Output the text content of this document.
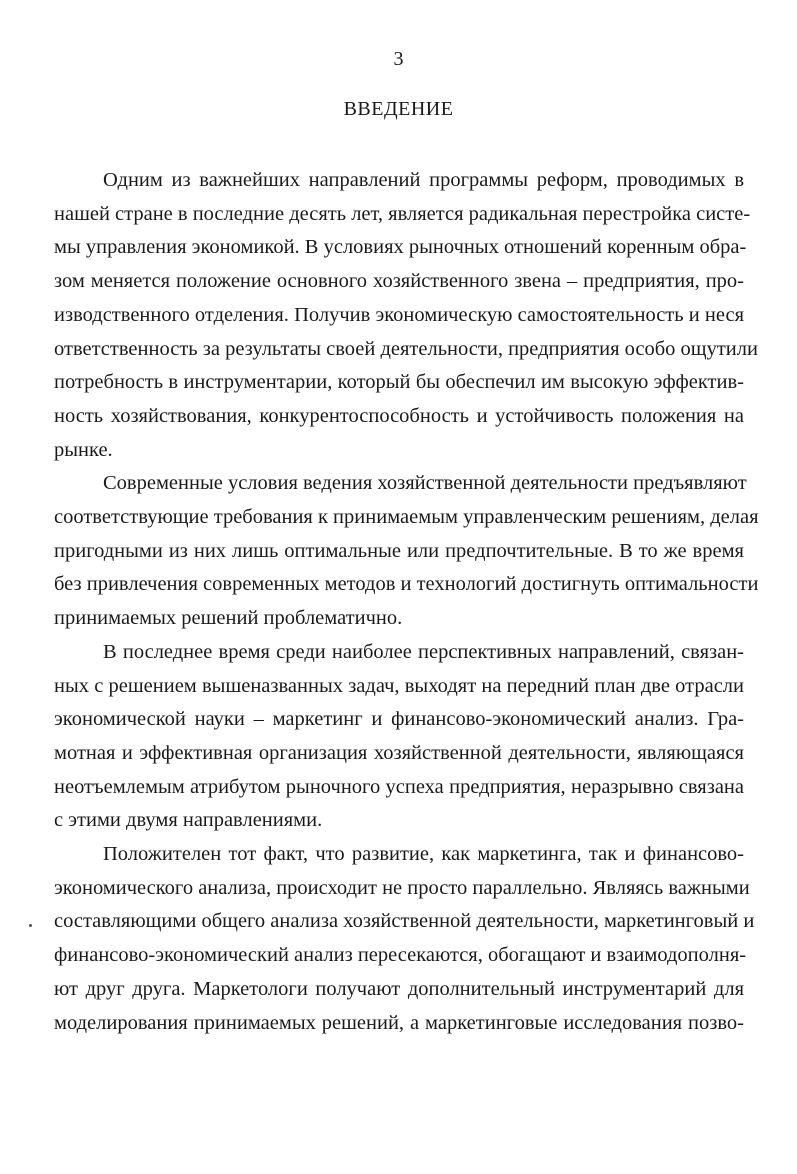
3
ВВЕДЕНИЕ

Одним из важнейших направлений программы реформ, проводимых в
нашей стране в последние десять лет, является радикальная перестройка систе-
мы управления экономикой. В условиях рыночных отношений коренным обра-
зом меняется положение основного хозяйственного звена – предприятия, про-
изводственного отделения. Получив экономическую самостоятельность и неся
ответственность за результаты своей деятельности, предприятия особо ощутили
потребность в инструментарии, который бы обеспечил им высокую эффектив-
ность хозяйствования, конкурентоспособность и устойчивость положения на
рынке.

Современные условия ведения хозяйственной деятельности предъявляют
соответствующие требования к принимаемым управленческим решениям, делая
пригодными из них лишь оптимальные или предпочтительные. В то же время
без привлечения современных методов и технологий достигнуть оптимальности
принимаемых решений проблематично.

В последнее время среди наиболее перспективных направлений, связан-
ных с решением вышеназванных задач, выходят на передний план две отрасли
экономической науки – маркетинг и финансово-экономический анализ. Гра-
мотная и эффективная организация хозяйственной деятельности, являющаяся
неотъемлемым атрибутом рыночного успеха предприятия, неразрывно связана
с этими двумя направлениями.

Положителен тот факт, что развитие, как маркетинга, так и финансово-
экономического анализа, происходит не просто параллельно. Являясь важными
составляющими общего анализа хозяйственной деятельности, маркетинговый и
финансово-экономический анализ пересекаются, обогащают и взаимодополня-
ют друг друга. Маркетологи получают дополнительный инструментарий для
моделирования принимаемых решений, а маркетинговые исследования позво-
